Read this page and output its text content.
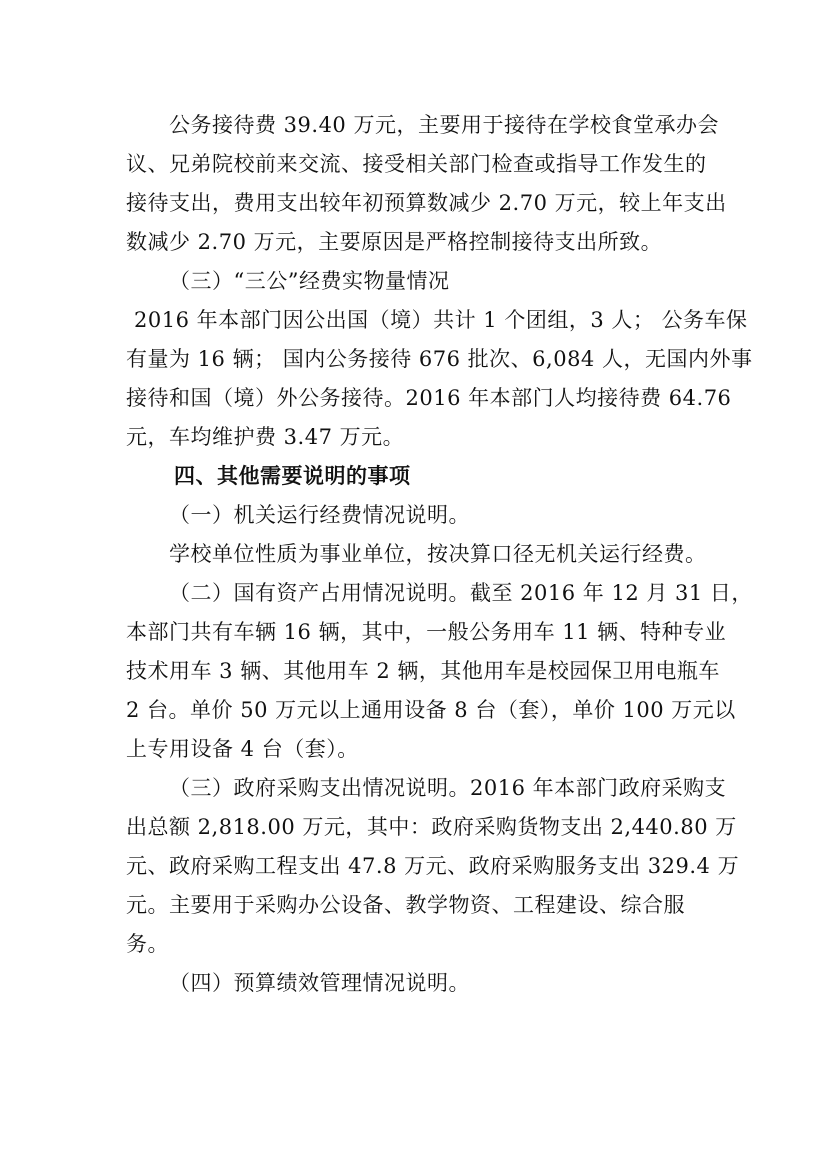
公务接待费 39.40 万元，主要用于接待在学校食堂承办会
议、兄弟院校前来交流、接受相关部门检查或指导工作发生的
接待支出，费用支出较年初预算数减少 2.70 万元，较上年支出
数减少 2.70 万元，主要原因是严格控制接待支出所致。
（三）“三公”经费实物量情况
2016 年本部门因公出国（境）共计 1 个团组，3 人； 公务车保
有量为 16 辆； 国内公务接待 676 批次、6,084 人，无国内外事
接待和国（境）外公务接待。2016 年本部门人均接待费 64.76
元，车均维护费 3.47 万元。
四、其他需要说明的事项
（一）机关运行经费情况说明。
学校单位性质为事业单位，按决算口径无机关运行经费。
（二）国有资产占用情况说明。截至 2016 年 12 月 31 日，
本部门共有车辆 16 辆，其中，一般公务用车 11 辆、特种专业
技术用车 3 辆、其他用车 2 辆，其他用车是校园保卫用电瓶车
2 台。单价 50 万元以上通用设备 8 台（套），单价 100 万元以
上专用设备 4 台（套）。
（三）政府采购支出情况说明。2016 年本部门政府采购支
出总额 2,818.00 万元，其中：政府采购货物支出 2,440.80 万
元、政府采购工程支出 47.8 万元、政府采购服务支出 329.4 万
元。主要用于采购办公设备、教学物资、工程建设、综合服
务。
（四）预算绩效管理情况说明。
